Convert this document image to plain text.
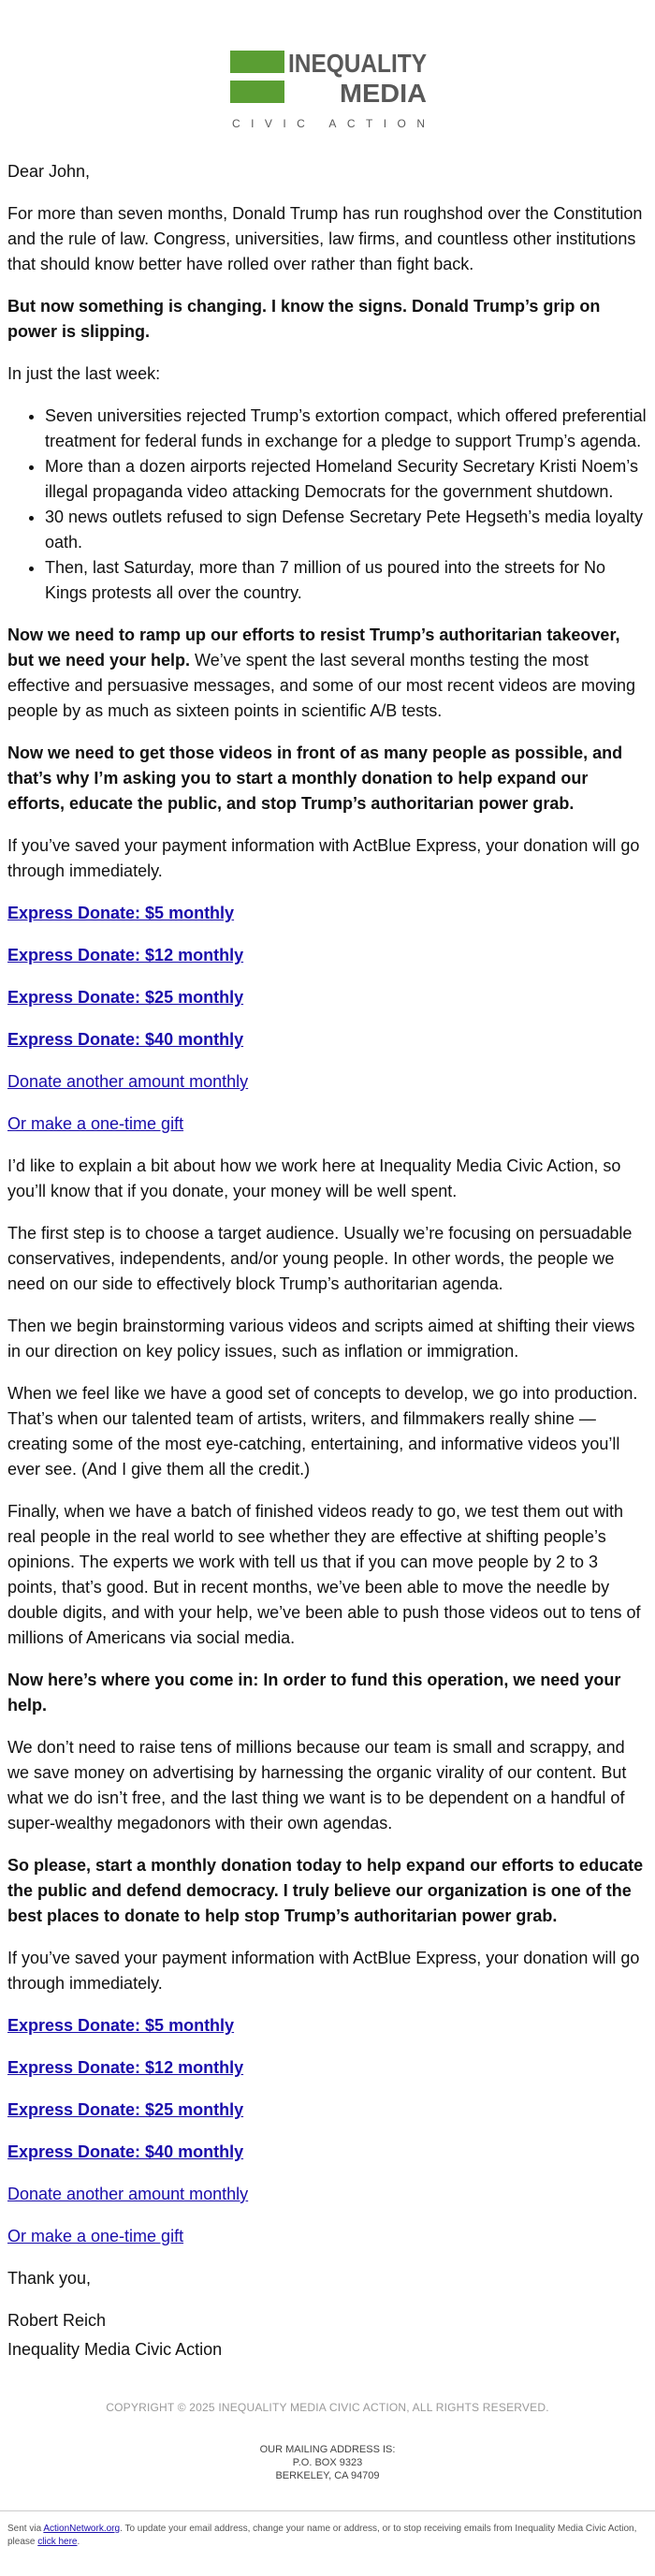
INEQUALITY
MEDIA
CIVIC ACTION

Dear John,

For more than seven months, Donald Trump has run roughshod over the Constitution and the rule of law. Congress, universities, law firms, and countless other institutions that should know better have rolled over rather than fight back.

But now something is changing. I know the signs. Donald Trump’s grip on power is slipping.

In just the last week:

• Seven universities rejected Trump’s extortion compact, which offered preferential treatment for federal funds in exchange for a pledge to support Trump’s agenda.
• More than a dozen airports rejected Homeland Security Secretary Kristi Noem’s illegal propaganda video attacking Democrats for the government shutdown.
• 30 news outlets refused to sign Defense Secretary Pete Hegseth’s media loyalty oath.
• Then, last Saturday, more than 7 million of us poured into the streets for No Kings protests all over the country.

Now we need to ramp up our efforts to resist Trump’s authoritarian takeover, but we need your help. We’ve spent the last several months testing the most effective and persuasive messages, and some of our most recent videos are moving people by as much as sixteen points in scientific A/B tests.

Now we need to get those videos in front of as many people as possible, and that’s why I’m asking you to start a monthly donation to help expand our efforts, educate the public, and stop Trump’s authoritarian power grab.

If you’ve saved your payment information with ActBlue Express, your donation will go through immediately.

Express Donate: $5 monthly

Express Donate: $12 monthly

Express Donate: $25 monthly

Express Donate: $40 monthly

Donate another amount monthly

Or make a one-time gift

I’d like to explain a bit about how we work here at Inequality Media Civic Action, so you’ll know that if you donate, your money will be well spent.

The first step is to choose a target audience. Usually we’re focusing on persuadable conservatives, independents, and/or young people. In other words, the people we need on our side to effectively block Trump’s authoritarian agenda.

Then we begin brainstorming various videos and scripts aimed at shifting their views in our direction on key policy issues, such as inflation or immigration.

When we feel like we have a good set of concepts to develop, we go into production. That’s when our talented team of artists, writers, and filmmakers really shine — creating some of the most eye-catching, entertaining, and informative videos you’ll ever see. (And I give them all the credit.)

Finally, when we have a batch of finished videos ready to go, we test them out with real people in the real world to see whether they are effective at shifting people’s opinions. The experts we work with tell us that if you can move people by 2 to 3 points, that’s good. But in recent months, we’ve been able to move the needle by double digits, and with your help, we’ve been able to push those videos out to tens of millions of Americans via social media.

Now here’s where you come in: In order to fund this operation, we need your help.

We don’t need to raise tens of millions because our team is small and scrappy, and we save money on advertising by harnessing the organic virality of our content. But what we do isn’t free, and the last thing we want is to be dependent on a handful of super-wealthy megadonors with their own agendas.

So please, start a monthly donation today to help expand our efforts to educate the public and defend democracy. I truly believe our organization is one of the best places to donate to help stop Trump’s authoritarian power grab.

If you’ve saved your payment information with ActBlue Express, your donation will go through immediately.

Express Donate: $5 monthly

Express Donate: $12 monthly

Express Donate: $25 monthly

Express Donate: $40 monthly

Donate another amount monthly

Or make a one-time gift

Thank you,

Robert Reich

Inequality Media Civic Action

COPYRIGHT © 2025 INEQUALITY MEDIA CIVIC ACTION, ALL RIGHTS RESERVED.

OUR MAILING ADDRESS IS:

P.O. BOX 9323

BERKELEY, CA 94709

Sent via ActionNetwork.org. To update your email address, change your name or address, or to stop receiving emails from Inequality Media Civic Action, please click here.
